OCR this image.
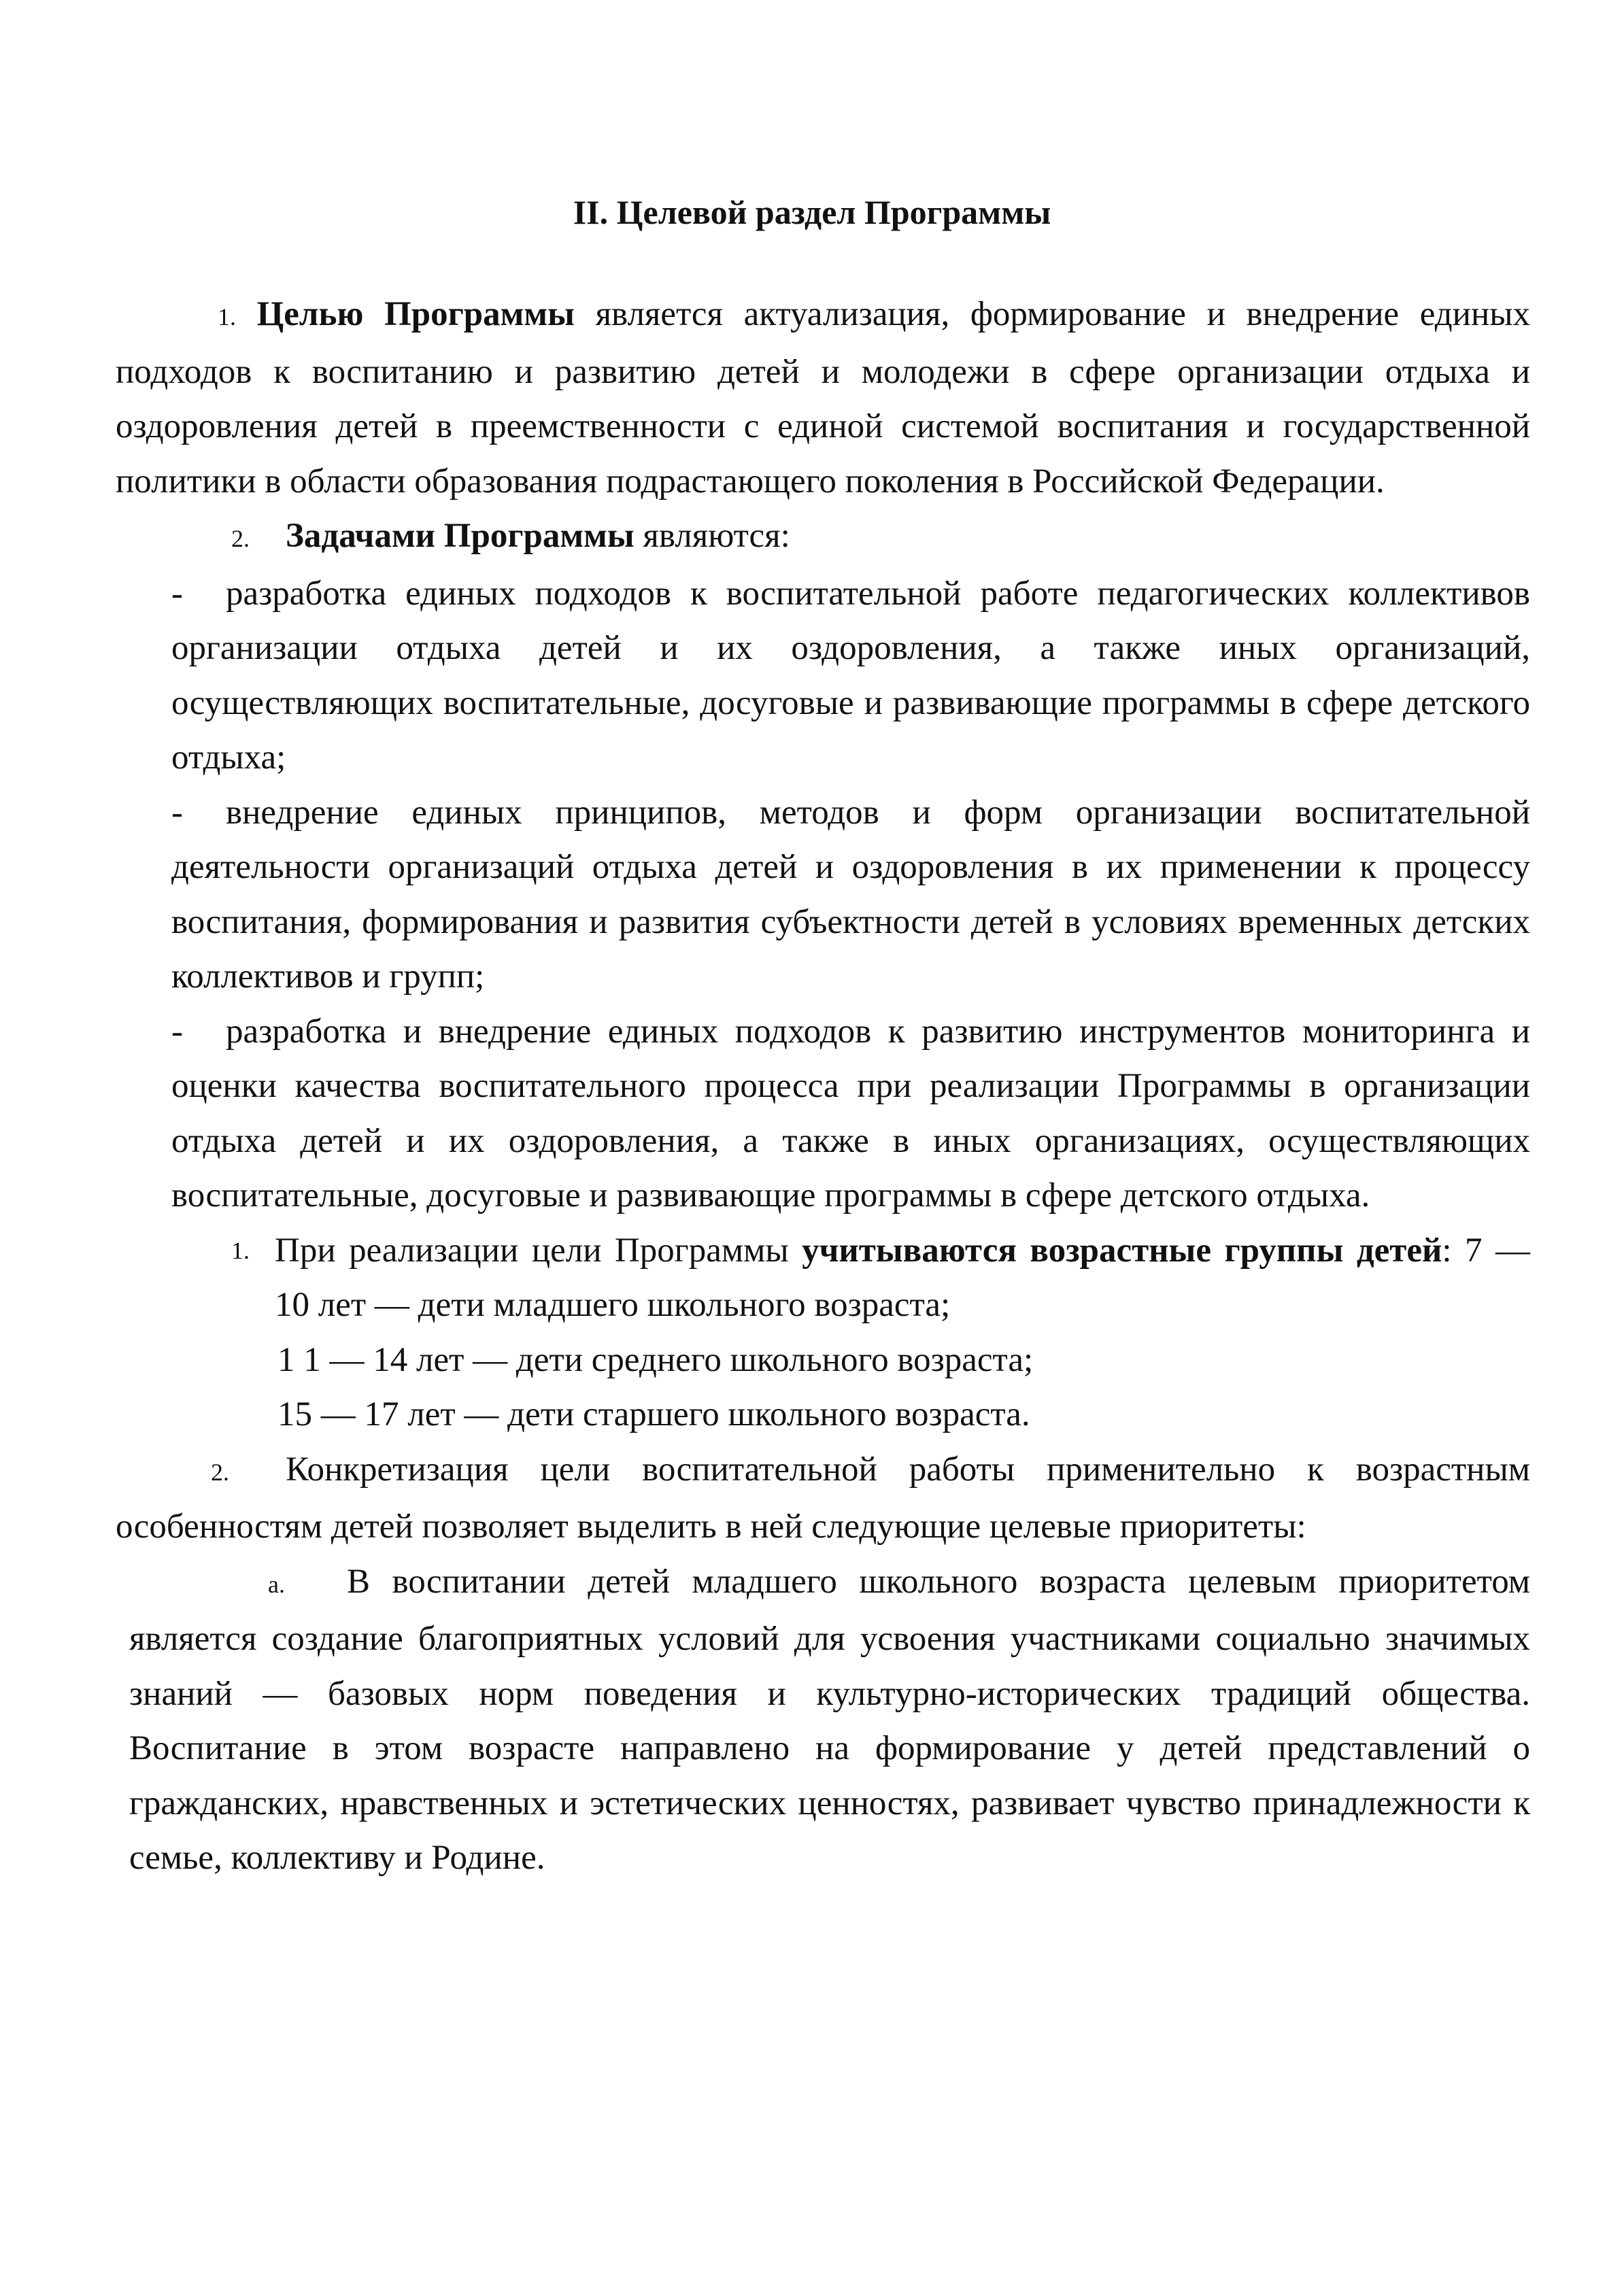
II. Целевой раздел Программы

1. Целью Программы является актуализация, формирование и внедрение единых подходов к воспитанию и развитию детей и молодежи в сфере организации отдыха и оздоровления детей в преемственности с единой системой воспитания и государственной политики в области образования подрастающего поколения в Российской Федерации.

2. Задачами Программы являются:

-	разработка единых подходов к воспитательной работе педагогических коллективов организации отдыха детей и их оздоровления, а также иных организаций, осуществляющих воспитательные, досуговые и развивающие программы в сфере детского отдыха;

-	внедрение единых принципов, методов и форм организации воспитательной деятельности организаций отдыха детей и оздоровления в их применении к процессу воспитания, формирования и развития субъектности детей в условиях временных детских коллективов и групп;

-	разработка и внедрение единых подходов к развитию инструментов мониторинга и оценки качества воспитательного процесса при реализации Программы в организации отдыха детей и их оздоровления, а также в иных организациях, осуществляющих воспитательные, досуговые и развивающие программы в сфере детского отдыха.

1. При реализации цели Программы учитываются возрастные группы детей: 7 — 10 лет — дети младшего школьного возраста;

1 1 — 14 лет — дети среднего школьного возраста;

15 — 17 лет — дети старшего школьного возраста.

2. Конкретизация цели воспитательной работы применительно к возрастным особенностям детей позволяет выделить в ней следующие целевые приоритеты:

a. В воспитании детей младшего школьного возраста целевым приоритетом является создание благоприятных условий для усвоения участниками социально значимых знаний — базовых норм поведения и культурно-исторических традиций общества. Воспитание в этом возрасте направлено на формирование у детей представлений о гражданских, нравственных и эстетических ценностях, развивает чувство принадлежности к семье, коллективу и Родине.
